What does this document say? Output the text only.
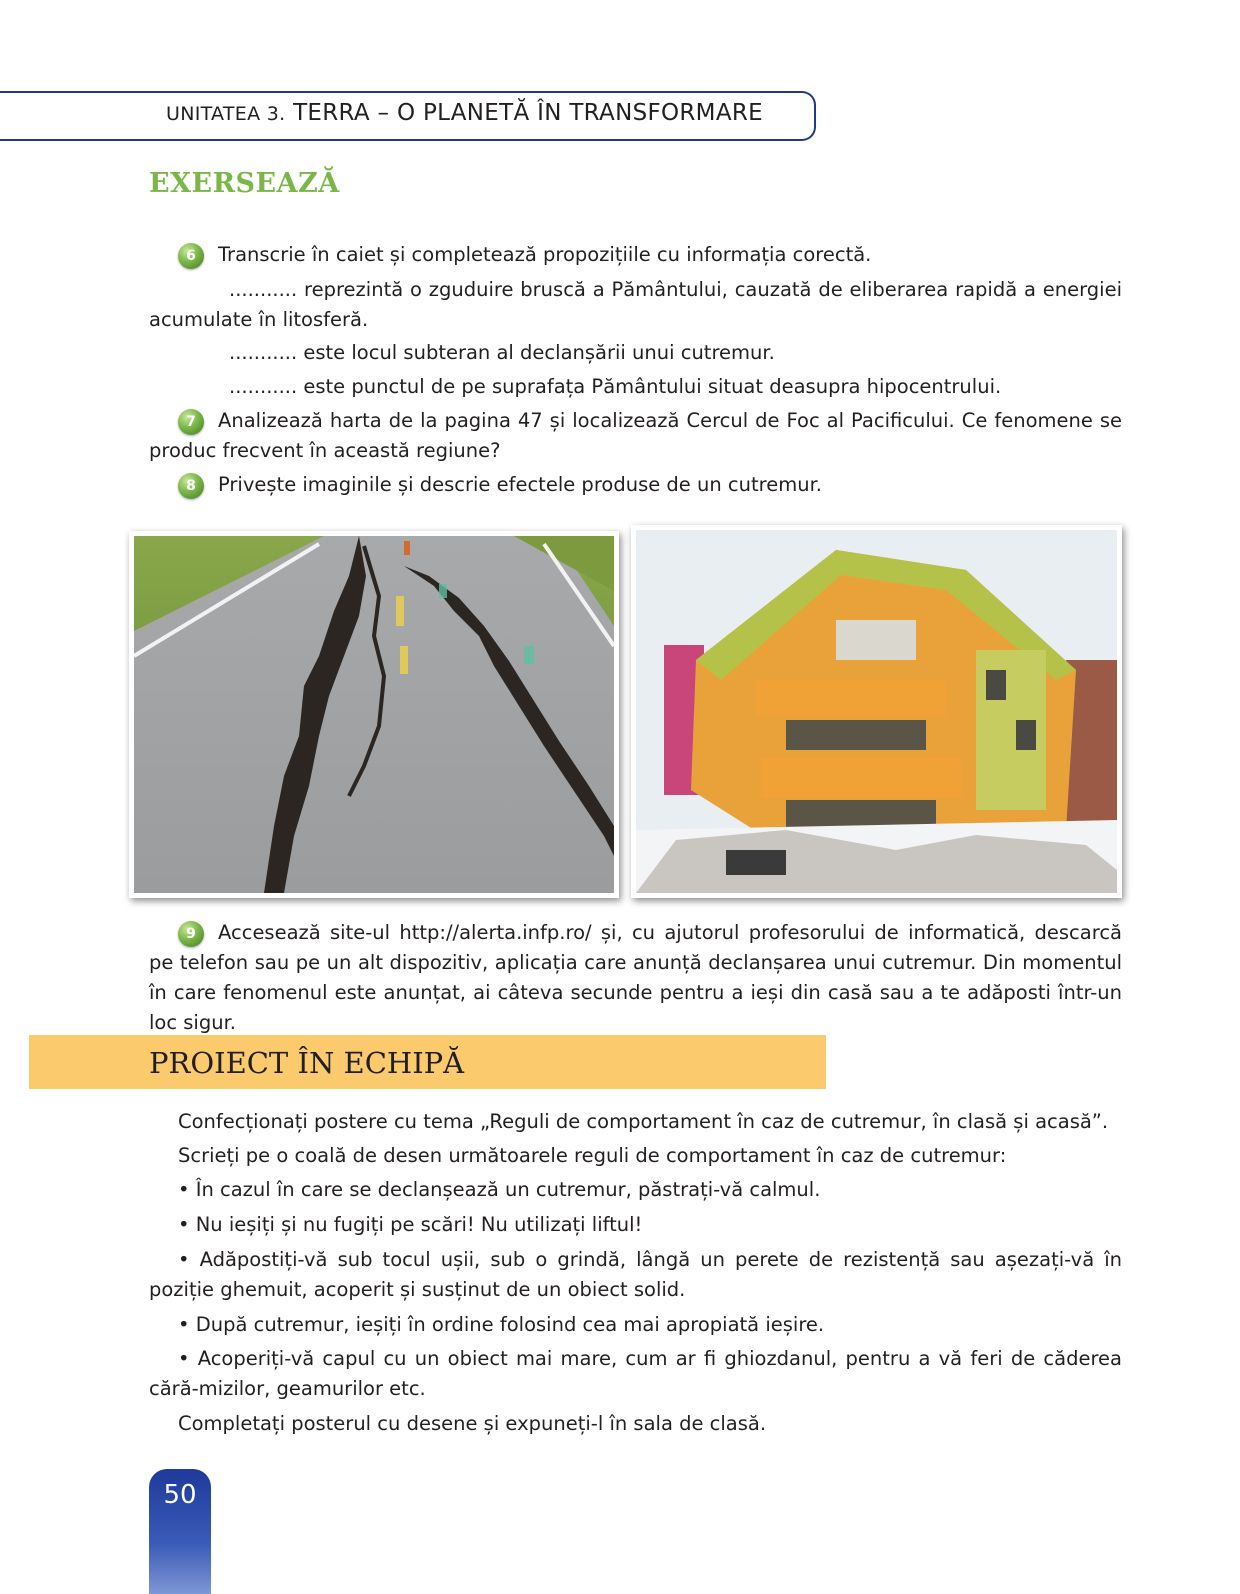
UNITATEA 3. TERRA – O PLANETĂ ÎN TRANSFORMARE
EXERSEAZĂ
6 Transcrie în caiet și completează propozițiile cu informația corectă.
........... reprezintă o zguduire bruscă a Pământului, cauzată de eliberarea rapidă a energiei acumulate în litosferă.
........... este locul subteran al declanșării unui cutremur.
........... este punctul de pe suprafața Pământului situat deasupra hipocentrului.
7 Analizează harta de la pagina 47 și localizează Cercul de Foc al Pacificului. Ce fenomene se produc frecvent în această regiune?
8 Privește imaginile și descrie efectele produse de un cutremur.
9 Accesează site-ul http://alerta.infp.ro/ și, cu ajutorul profesorului de informatică, descarcă pe telefon sau pe un alt dispozitiv, aplicația care anunță declanșarea unui cutremur. Din momentul în care fenomenul este anunțat, ai câteva secunde pentru a ieși din casă sau a te adăposti într-un loc sigur.
PROIECT ÎN ECHIPĂ
Confecționați postere cu tema „Reguli de comportament în caz de cutremur, în clasă și acasă”.
Scrieți pe o coală de desen următoarele reguli de comportament în caz de cutremur:
• În cazul în care se declanșează un cutremur, păstrați-vă calmul.
• Nu ieșiți și nu fugiți pe scări! Nu utilizați liftul!
• Adăpostiți-vă sub tocul ușii, sub o grindă, lângă un perete de rezistență sau așezați-vă în poziție ghemuit, acoperit și susținut de un obiect solid.
• După cutremur, ieșiți în ordine folosind cea mai apropiată ieșire.
• Acoperiți-vă capul cu un obiect mai mare, cum ar fi ghiozdanul, pentru a vă feri de căderea cără-mizilor, geamurilor etc.
Completați posterul cu desene și expuneți-l în sala de clasă.
50
